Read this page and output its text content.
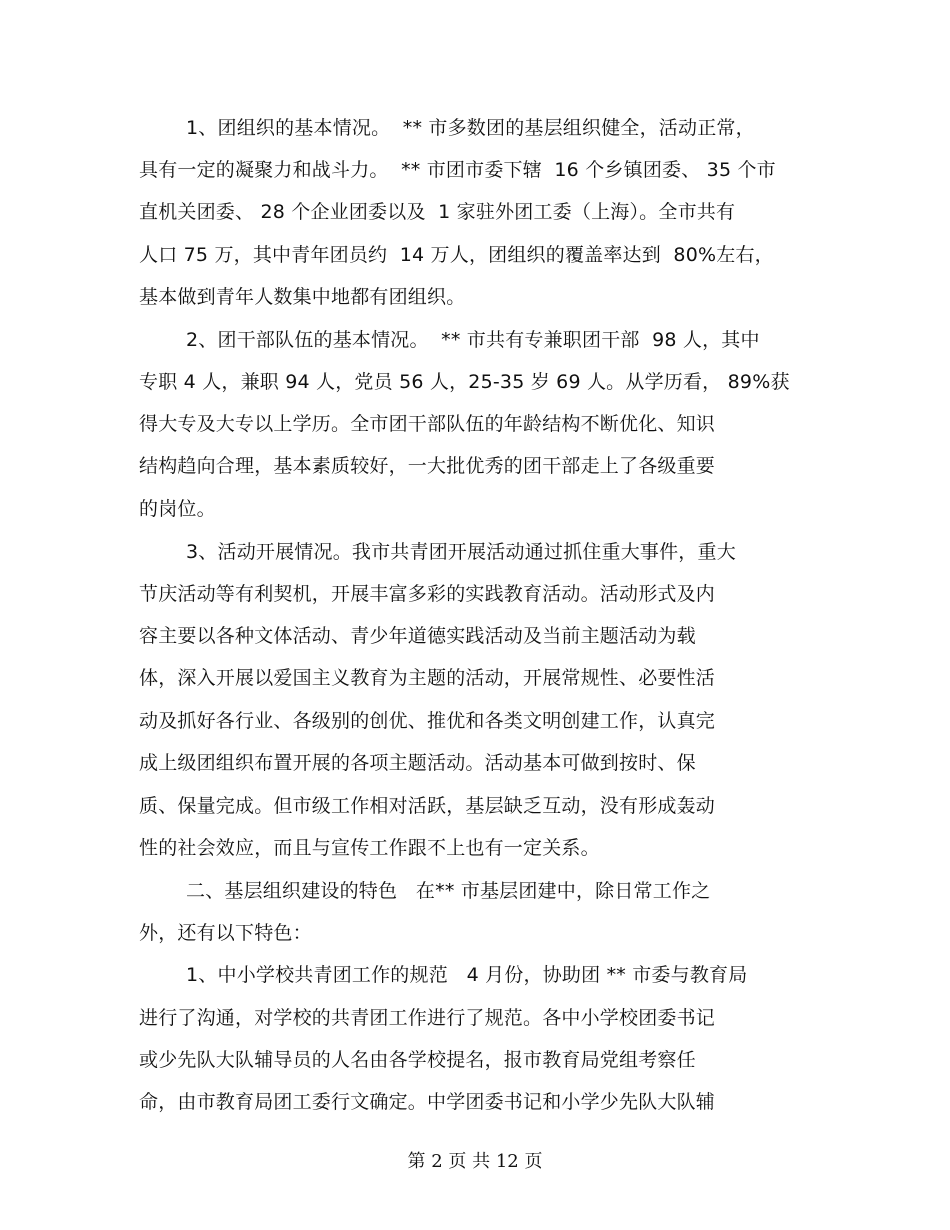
1、团组织的基本情况。  ** 市多数团的基层组织健全，活动正常，
具有一定的凝聚力和战斗力。  ** 市团市委下辖  16 个乡镇团委、 35 个市
直机关团委、 28 个企业团委以及  1 家驻外团工委（上海）。全市共有
人口 75 万，其中青年团员约  14 万人，团组织的覆盖率达到  80%左右，
基本做到青年人数集中地都有团组织。
2、团干部队伍的基本情况。  ** 市共有专兼职团干部  98 人，其中
专职 4 人，兼职 94 人，党员 56 人，25-35 岁 69 人。从学历看， 89%获
得大专及大专以上学历。全市团干部队伍的年龄结构不断优化、知识
结构趋向合理，基本素质较好，一大批优秀的团干部走上了各级重要
的岗位。
3、活动开展情况。我市共青团开展活动通过抓住重大事件，重大
节庆活动等有利契机，开展丰富多彩的实践教育活动。活动形式及内
容主要以各种文体活动、青少年道德实践活动及当前主题活动为载
体，深入开展以爱国主义教育为主题的活动，开展常规性、必要性活
动及抓好各行业、各级别的创优、推优和各类文明创建工作，认真完
成上级团组织布置开展的各项主题活动。活动基本可做到按时、保
质、保量完成。但市级工作相对活跃，基层缺乏互动，没有形成轰动
性的社会效应，而且与宣传工作跟不上也有一定关系。
二、基层组织建设的特色   在** 市基层团建中，除日常工作之
外，还有以下特色：
1、中小学校共青团工作的规范   4 月份，协助团 ** 市委与教育局
进行了沟通，对学校的共青团工作进行了规范。各中小学校团委书记
或少先队大队辅导员的人名由各学校提名，报市教育局党组考察任
命，由市教育局团工委行文确定。中学团委书记和小学少先队大队辅
第 2 页 共 12 页
